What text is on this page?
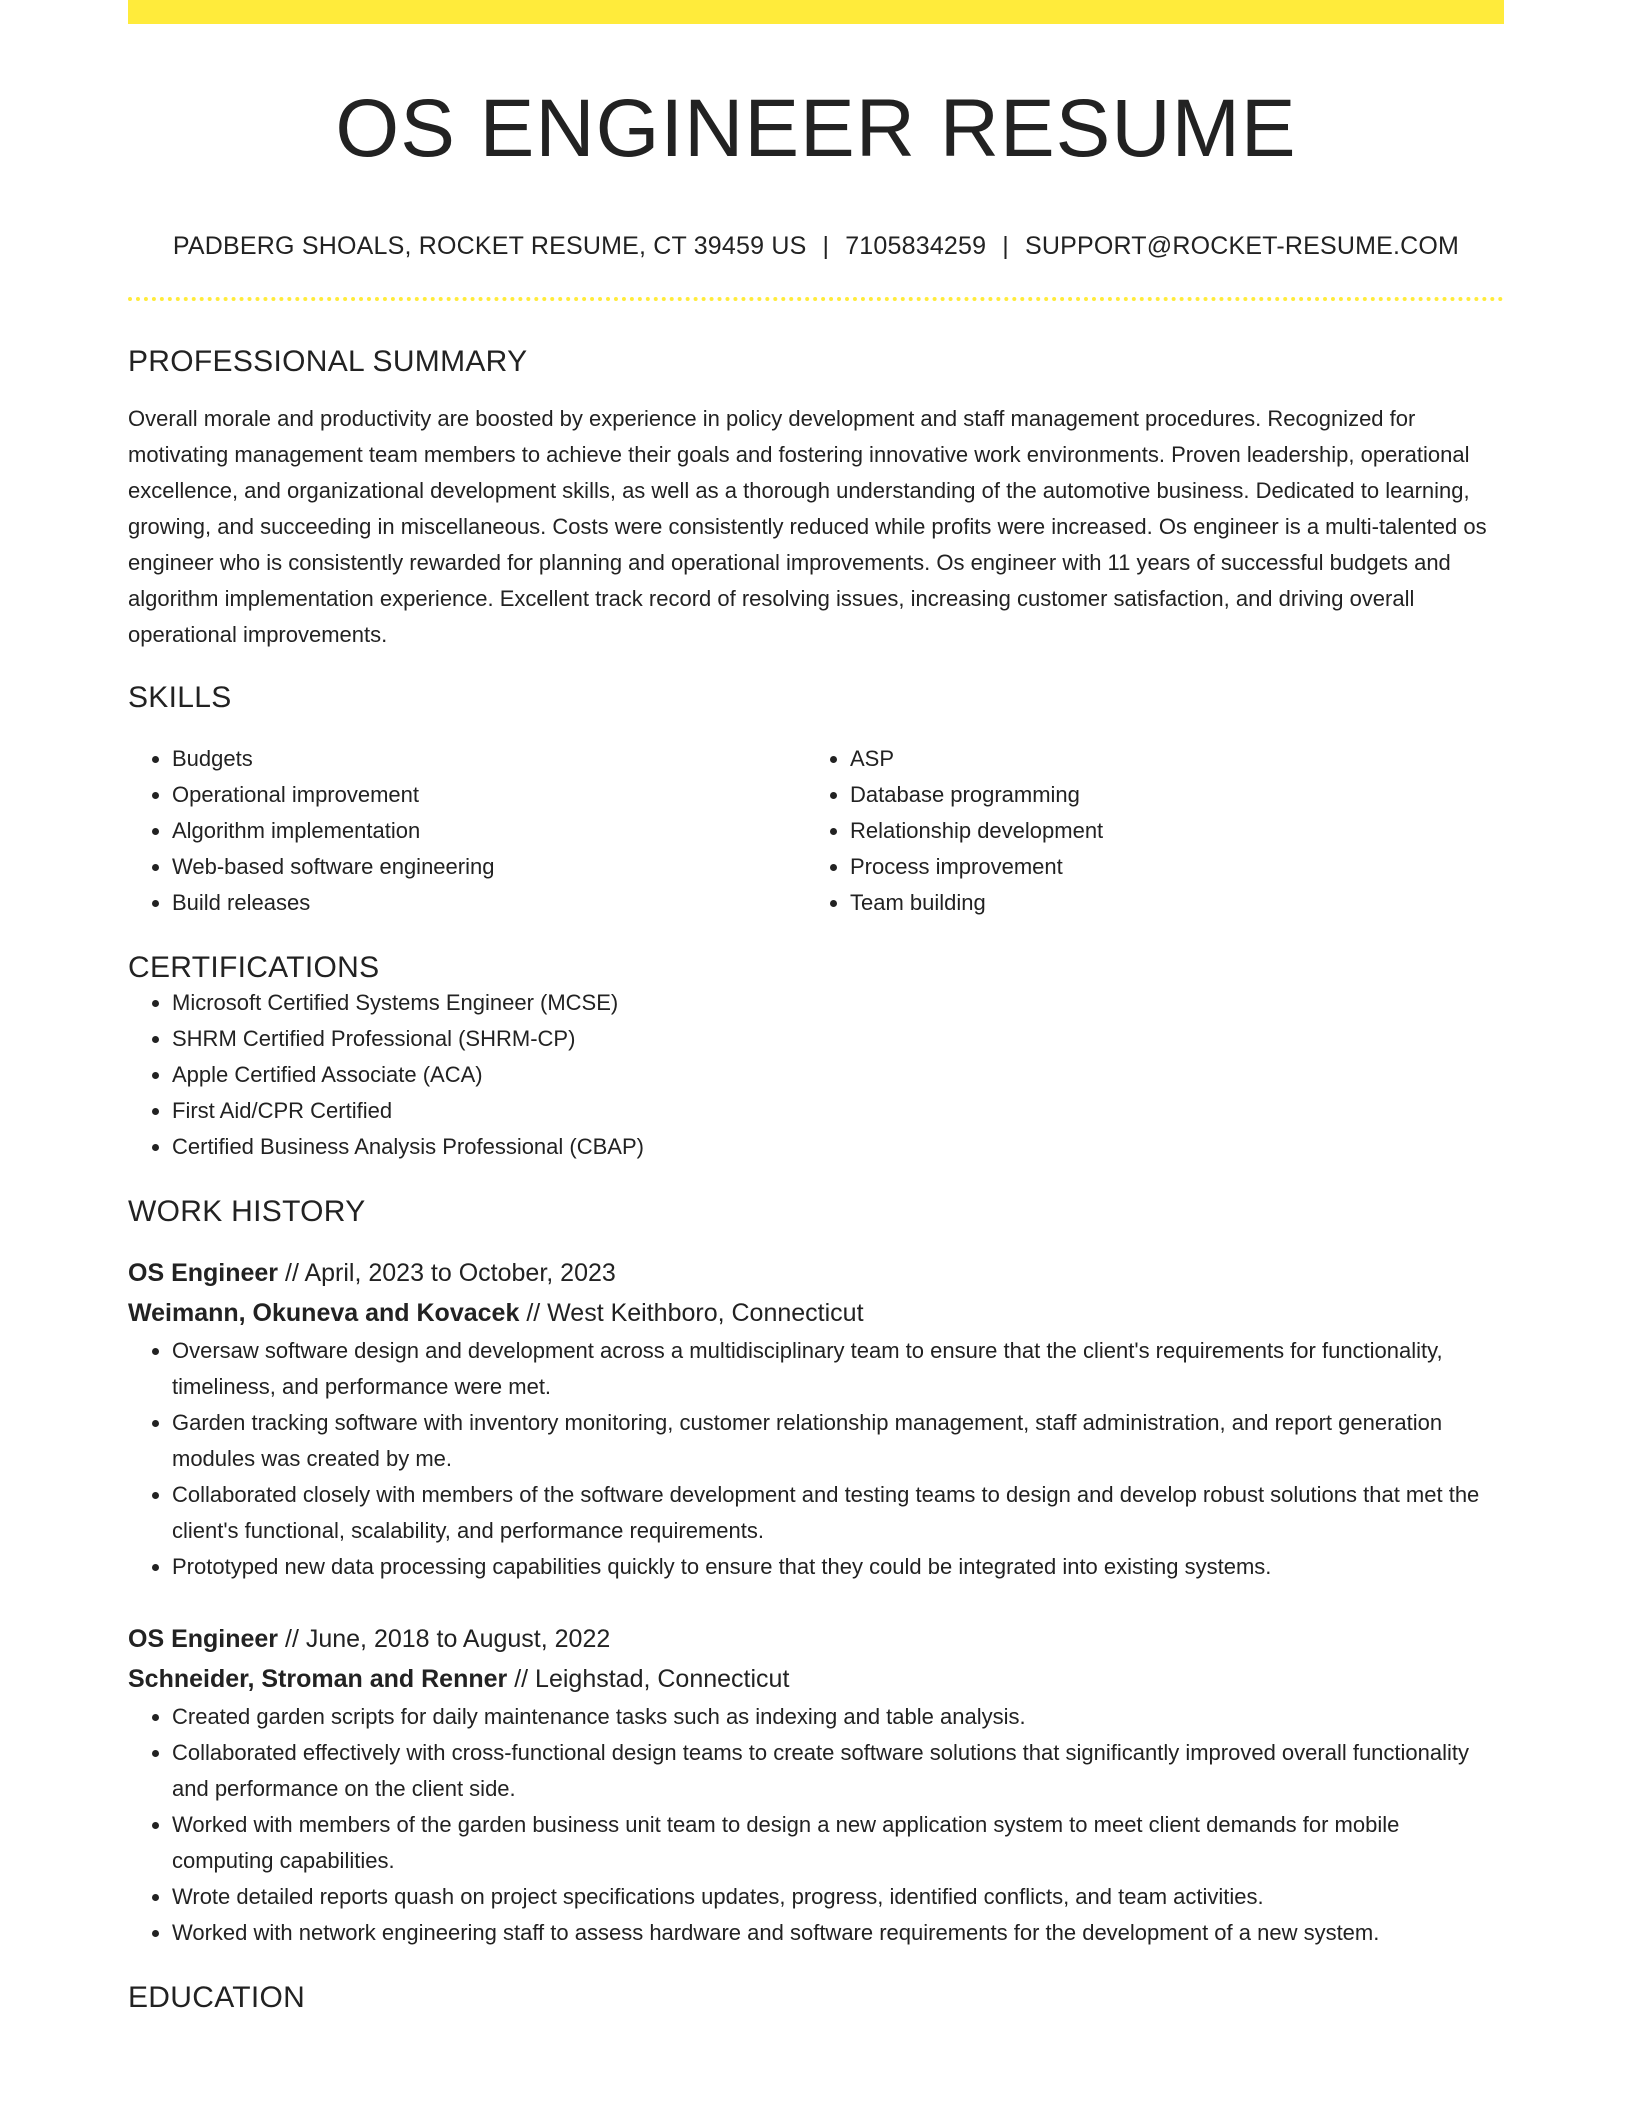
OS ENGINEER RESUME
PADBERG SHOALS, ROCKET RESUME, CT 39459 US | 7105834259 | SUPPORT@ROCKET-RESUME.COM
PROFESSIONAL SUMMARY
Overall morale and productivity are boosted by experience in policy development and staff management procedures. Recognized for motivating management team members to achieve their goals and fostering innovative work environments. Proven leadership, operational excellence, and organizational development skills, as well as a thorough understanding of the automotive business. Dedicated to learning, growing, and succeeding in miscellaneous. Costs were consistently reduced while profits were increased. Os engineer is a multi-talented os engineer who is consistently rewarded for planning and operational improvements. Os engineer with 11 years of successful budgets and algorithm implementation experience. Excellent track record of resolving issues, increasing customer satisfaction, and driving overall operational improvements.
SKILLS
• Budgets
• Operational improvement
• Algorithm implementation
• Web-based software engineering
• Build releases
• ASP
• Database programming
• Relationship development
• Process improvement
• Team building
CERTIFICATIONS
• Microsoft Certified Systems Engineer (MCSE)
• SHRM Certified Professional (SHRM-CP)
• Apple Certified Associate (ACA)
• First Aid/CPR Certified
• Certified Business Analysis Professional (CBAP)
WORK HISTORY
OS Engineer // April, 2023 to October, 2023
Weimann, Okuneva and Kovacek // West Keithboro, Connecticut
• Oversaw software design and development across a multidisciplinary team to ensure that the client's requirements for functionality, timeliness, and performance were met.
• Garden tracking software with inventory monitoring, customer relationship management, staff administration, and report generation modules was created by me.
• Collaborated closely with members of the software development and testing teams to design and develop robust solutions that met the client's functional, scalability, and performance requirements.
• Prototyped new data processing capabilities quickly to ensure that they could be integrated into existing systems.
OS Engineer // June, 2018 to August, 2022
Schneider, Stroman and Renner // Leighstad, Connecticut
• Created garden scripts for daily maintenance tasks such as indexing and table analysis.
• Collaborated effectively with cross-functional design teams to create software solutions that significantly improved overall functionality and performance on the client side.
• Worked with members of the garden business unit team to design a new application system to meet client demands for mobile computing capabilities.
• Wrote detailed reports quash on project specifications updates, progress, identified conflicts, and team activities.
• Worked with network engineering staff to assess hardware and software requirements for the development of a new system.
EDUCATION
